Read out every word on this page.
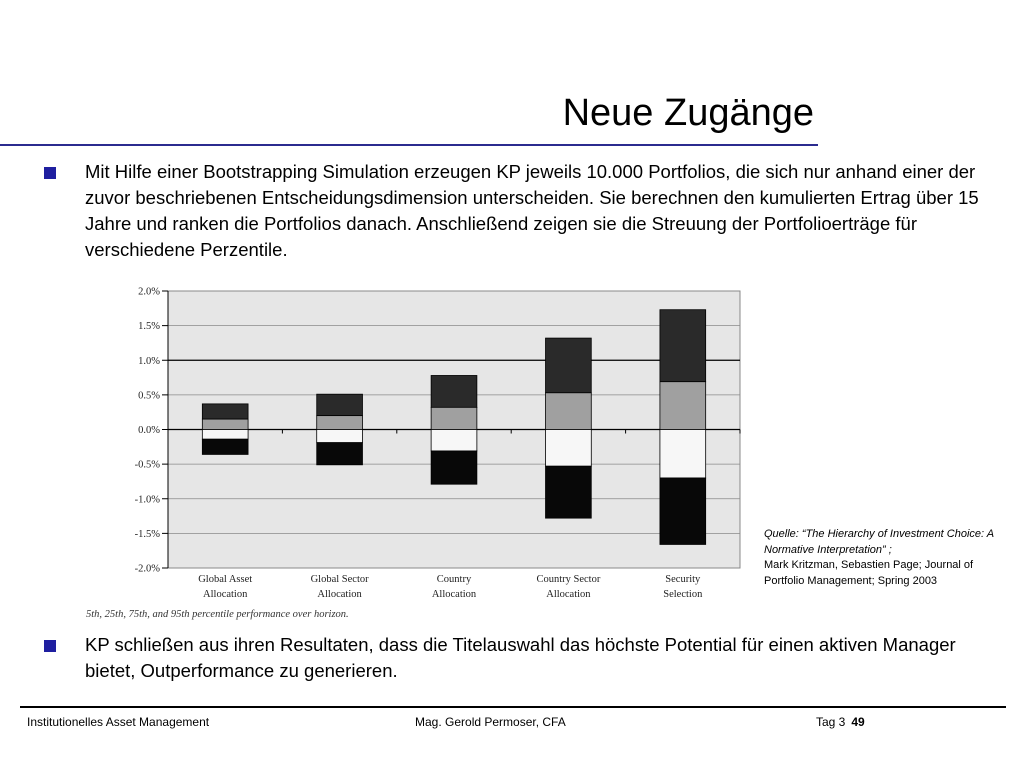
Neue Zugänge
Mit Hilfe einer Bootstrapping Simulation erzeugen KP jeweils 10.000 Portfolios, die sich nur anhand einer der zuvor beschriebenen Entscheidungsdimension unterscheiden. Sie berechnen den kumulierten Ertrag über 15 Jahre und ranken die Portfolios danach. Anschließend zeigen sie die Streuung der Portfolioerträge für verschiedene Perzentile.
2.0%
1.5%
1.0%
0.5%
0.0%
-0.5%
-1.0%
-1.5%
-2.0%
Global Asset
Allocation
Global Sector
Allocation
Country
Allocation
Country Sector
Allocation
Security
Selection
5th, 25th, 75th, and 95th percentile performance over horizon.
Quelle: “The Hierarchy of Investment Choice: A Normative Interpretation” ;
Mark Kritzman, Sebastien Page; Journal of Portfolio Management; Spring 2003
KP schließen aus ihren Resultaten, dass die Titelauswahl das höchste Potential für einen aktiven Manager bietet, Outperformance zu generieren.
Institutionelles Asset Management	Mag. Gerold Permoser, CFA	Tag 3 49
